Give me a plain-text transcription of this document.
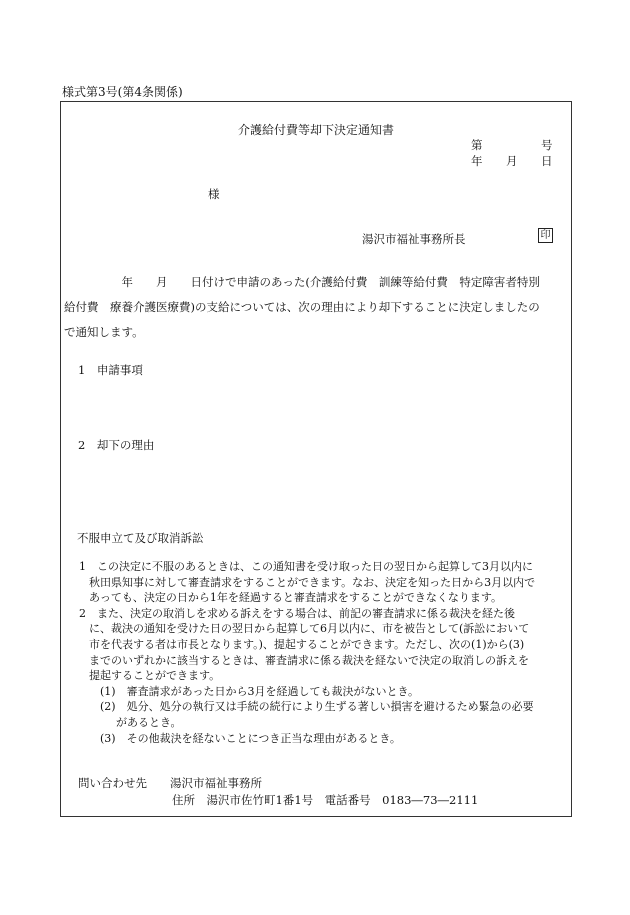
様式第3号(第4条関係)
介護給付費等却下決定通知書
第	号
年 月 日
様
湯沢市福祉事務所長	印
　　　　　年　　月　　日付けで申請のあった(介護給付費　訓練等給付費　特定障害者特別
給付費　療養介護医療費)の支給については、次の理由により却下することに決定しましたの
で通知します。
1　申請事項
2　却下の理由
不服申立て及び取消訴訟
1　この決定に不服のあるときは、この通知書を受け取った日の翌日から起算して3月以内に
秋田県知事に対して審査請求をすることができます。なお、決定を知った日から3月以内で
あっても、決定の日から1年を経過すると審査請求をすることができなくなります。
2　また、決定の取消しを求める訴えをする場合は、前記の審査請求に係る裁決を経た後
に、裁決の通知を受けた日の翌日から起算して6月以内に、市を被告として(訴訟において
市を代表する者は市長となります。)、提起することができます。ただし、次の(1)から(3)
までのいずれかに該当するときは、審査請求に係る裁決を経ないで決定の取消しの訴えを
提起することができます。
　(1)　審査請求があった日から3月を経過しても裁決がないとき。
　(2)　処分、処分の執行又は手続の続行により生ずる著しい損害を避けるため緊急の必要
があるとき。
　(3)　その他裁決を経ないことにつき正当な理由があるとき。
問い合わせ先 湯沢市福祉事務所
住所　湯沢市佐竹町1番1号　電話番号　0183―73―2111
